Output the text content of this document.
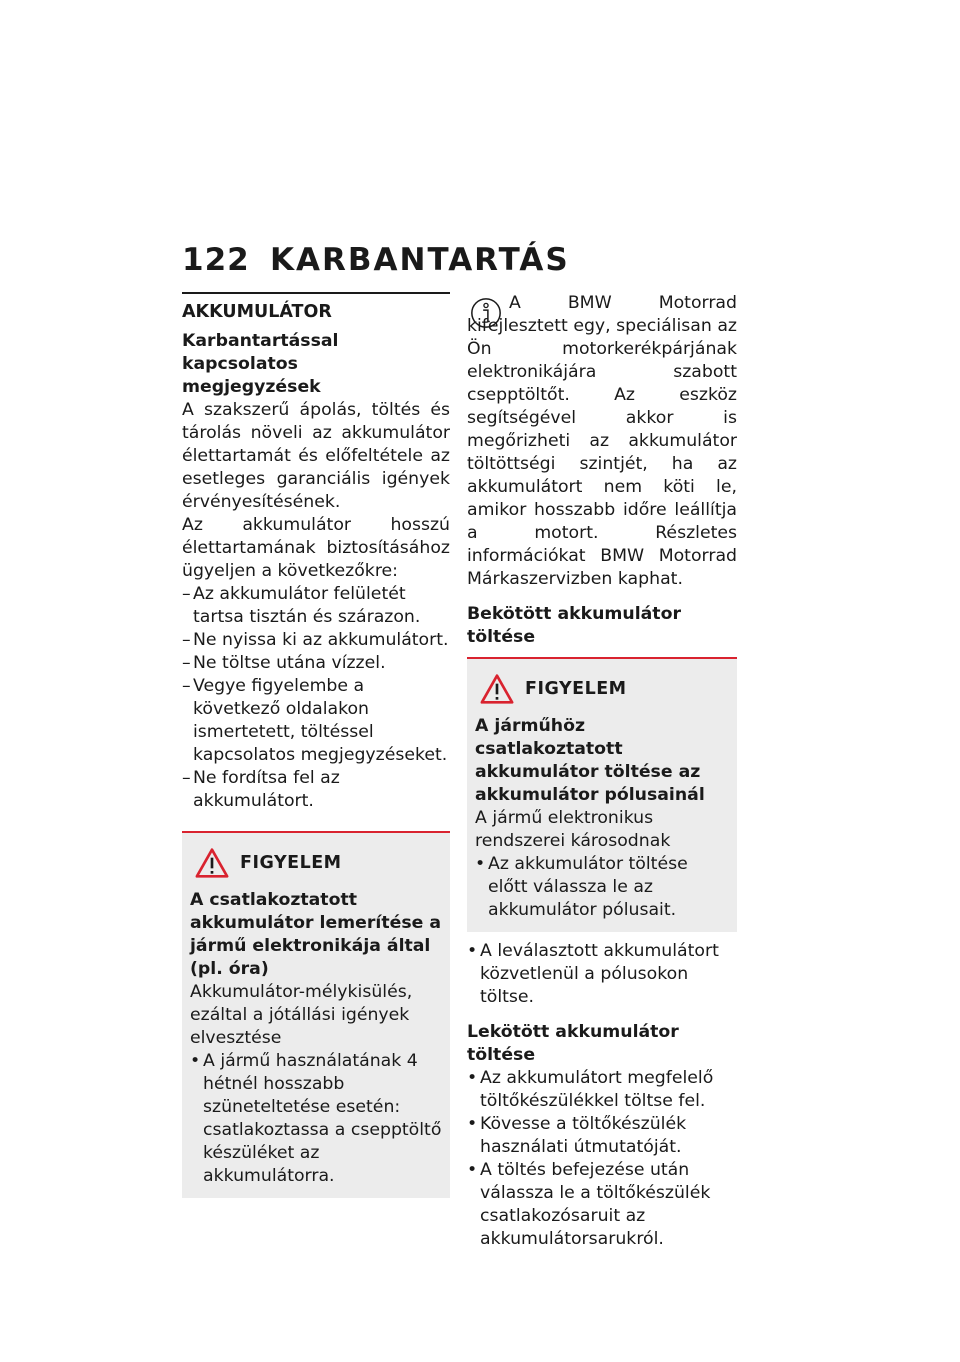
122 KARBANTARTÁS
AKKUMULÁTOR
Karbantartással kapcsolatos
megjegyzések

A szakszerű ápolás, töltés és tárolás növeli az akkumulátor élettartamát és előfeltétele az esetleges garanciális igények érvényesítésének.

Az akkumulátor hosszú élettartamának biztosításához ügyeljen a következőkre:

– Az akkumulátor felületét tartsa tisztán és szárazon.
– Ne nyissa ki az akkumulátort.
– Ne töltse utána vízzel.
– Vegye figyelembe a következő oldalakon ismertetett, töltéssel kapcsolatos megjegyzéseket.
– Ne fordítsa fel az akkumulátort.
FIGYELEM
A csatlakoztatott akkumulátor lemerítése a jármű elektronikája által (pl. óra)

Akkumulátor-mélykisülés, ezáltal a jótállási igények elvesztése

• A jármű használatának 4 hétnél hosszabb szüneteltetése esetén: csatlakoztassa a csepptöltő készüléket az akkumulátorra.

A BMW Motorrad kifejlesztett egy, speciálisan az Ön motorkerékpárjának elektronikájára szabott csepptöltőt. Az eszköz segítségével akkor is megőrizheti az akkumulátor töltöttségi szintjét, ha az akkumulátort nem köti le, amikor hosszabb időre leállítja a motort. Részletes információkat BMW Motorrad Márkaszervizben kaphat.

Bekötött akkumulátor töltése
FIGYELEM
A járműhöz csatlakoztatott akkumulátor töltése az akkumulátor pólusainál

A jármű elektronikus rendszerei károsodnak

• Az akkumulátor töltése előtt válassza le az akkumulátor pólusait.
• A leválasztott akkumulátort közvetlenül a pólusokon töltse.
Lekötött akkumulátor töltése
• Az akkumulátort megfelelő töltőkészülékkel töltse fel.
• Kövesse a töltőkészülék használati útmutatóját.
• A töltés befejezése után válassza le a töltőkészülék csatlakozósaruit az akkumulátorsarukról.
